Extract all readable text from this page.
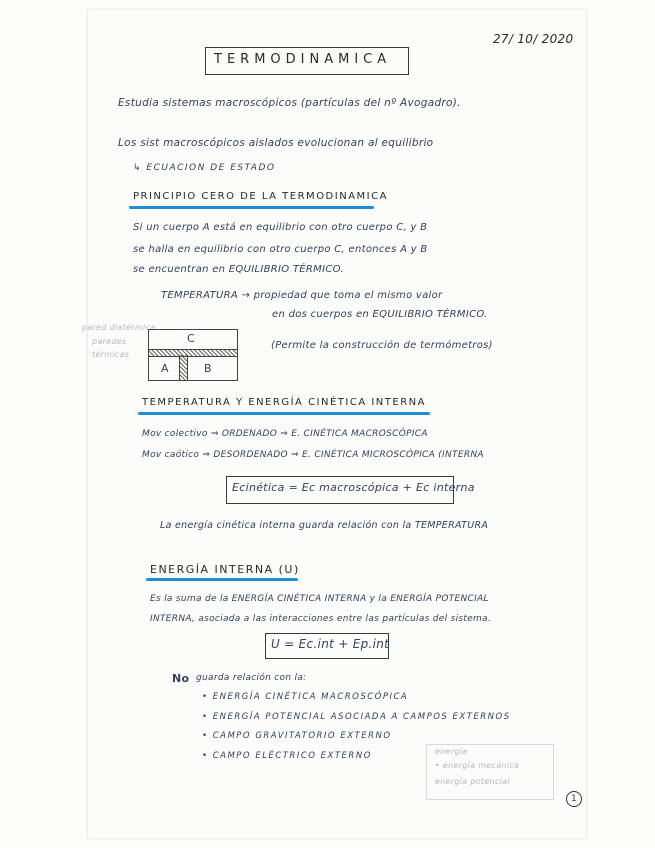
27/ 10/ 2020
TERMODINAMICA
Estudia sistemas macroscópicos (partículas del nº Avogadro).
Los sist macroscópicos aislados evolucionan al equilibrio
↳ ECUACION DE ESTADO
PRINCIPIO CERO DE LA TERMODINAMICA
Si un cuerpo A está en equilibrio con otro cuerpo C, y B
se halla en equilibrio con otro cuerpo C, entonces A y B
se encuentran en EQUILIBRIO TÉRMICO.
TEMPERATURA → propiedad que toma el mismo valor
en dos cuerpos en EQUILIBRIO TÉRMICO.
pared diatérmica
paredes
térmicas
C
A	B
(Permite la construcción de termómetros)
TEMPERATURA Y ENERGÍA CINÉTICA INTERNA
Mov colectivo ⇒ ORDENADO ⇒ E. CINÉTICA MACROSCÓPICA
Mov caótico ⇒ DESORDENADO ⇒ E. CINÉTICA MICROSCÓPICA (INTERNA
Ecinética = Ec macroscópica + Ec interna
La energía cinética interna guarda relación con la TEMPERATURA
ENERGÍA INTERNA (U)
Es la suma de la ENERGÍA CINÉTICA INTERNA y la ENERGÍA POTENCIAL
INTERNA, asociada a las interacciones entre las partículas del sistema.
U = Ec.int + Ep.int
No guarda relación con la:
• ENERGÍA CINÉTICA MACROSCÓPICA
• ENERGÍA POTENCIAL ASOCIADA A CAMPOS EXTERNOS
• CAMPO GRAVITATORIO EXTERNO
• CAMPO ELÉCTRICO EXTERNO	energía
• energía mecánica
energía potencial
1
